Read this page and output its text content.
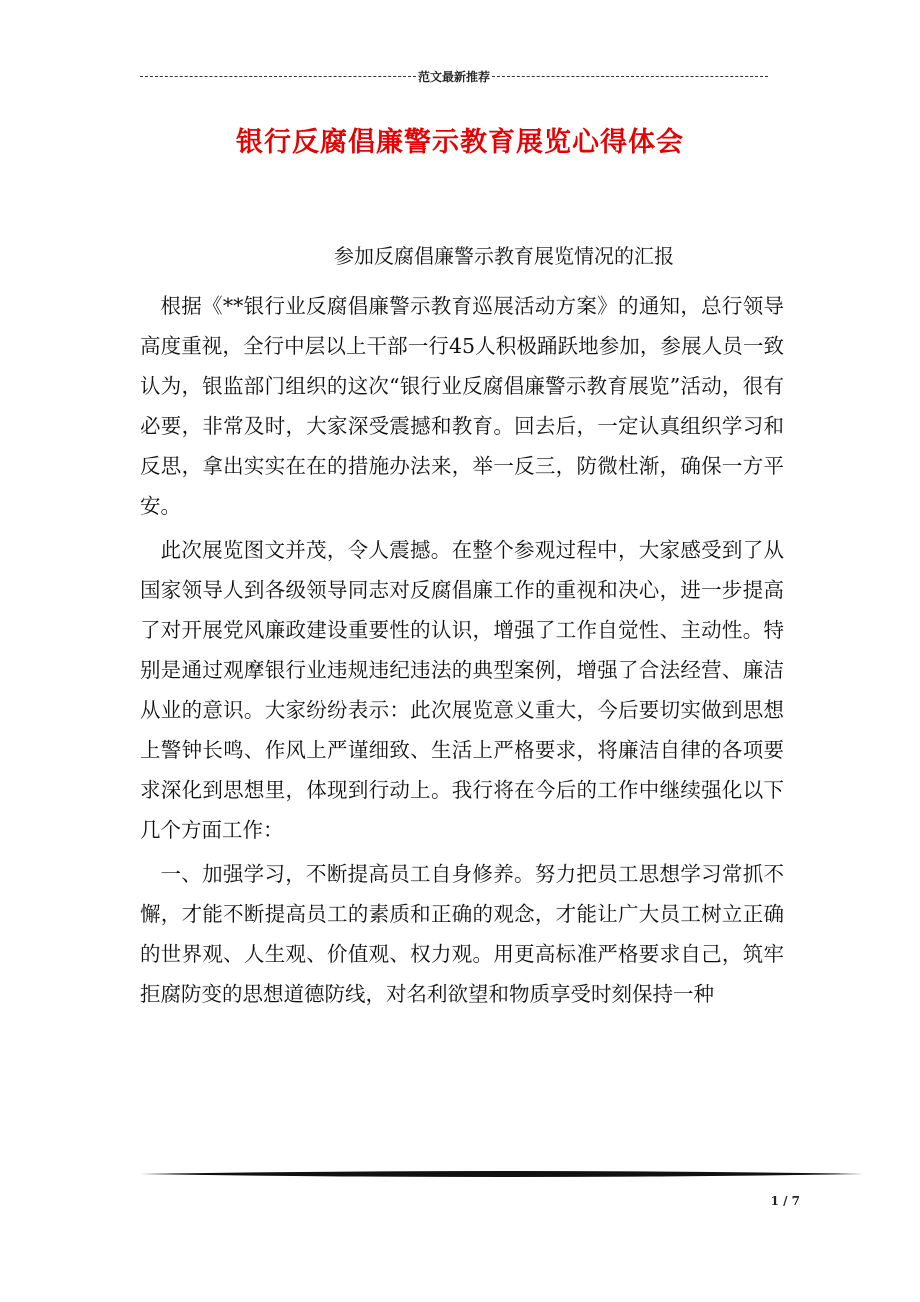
范文最新推荐
银行反腐倡廉警示教育展览心得体会
参加反腐倡廉警示教育展览情况的汇报

根据《**银行业反腐倡廉警示教育巡展活动方案》的通知，总行领导高度重视，全行中层以上干部一行45人积极踊跃地参加，参展人员一致认为，银监部门组织的这次“银行业反腐倡廉警示教育展览”活动，很有必要，非常及时，大家深受震撼和教育。回去后，一定认真组织学习和反思，拿出实实在在的措施办法来，举一反三，防微杜渐，确保一方平安。

此次展览图文并茂，令人震撼。在整个参观过程中，大家感受到了从国家领导人到各级领导同志对反腐倡廉工作的重视和决心，进一步提高了对开展党风廉政建设重要性的认识，增强了工作自觉性、主动性。特别是通过观摩银行业违规违纪违法的典型案例，增强了合法经营、廉洁从业的意识。大家纷纷表示：此次展览意义重大，今后要切实做到思想上警钟长鸣、作风上严谨细致、生活上严格要求，将廉洁自律的各项要求深化到思想里，体现到行动上。我行将在今后的工作中继续强化以下几个方面工作：

一、加强学习，不断提高员工自身修养。努力把员工思想学习常抓不懈，才能不断提高员工的素质和正确的观念，才能让广大员工树立正确的世界观、人生观、价值观、权力观。用更高标准严格要求自己，筑牢拒腐防变的思想道德防线，对名利欲望和物质享受时刻保持一种

1 / 7
